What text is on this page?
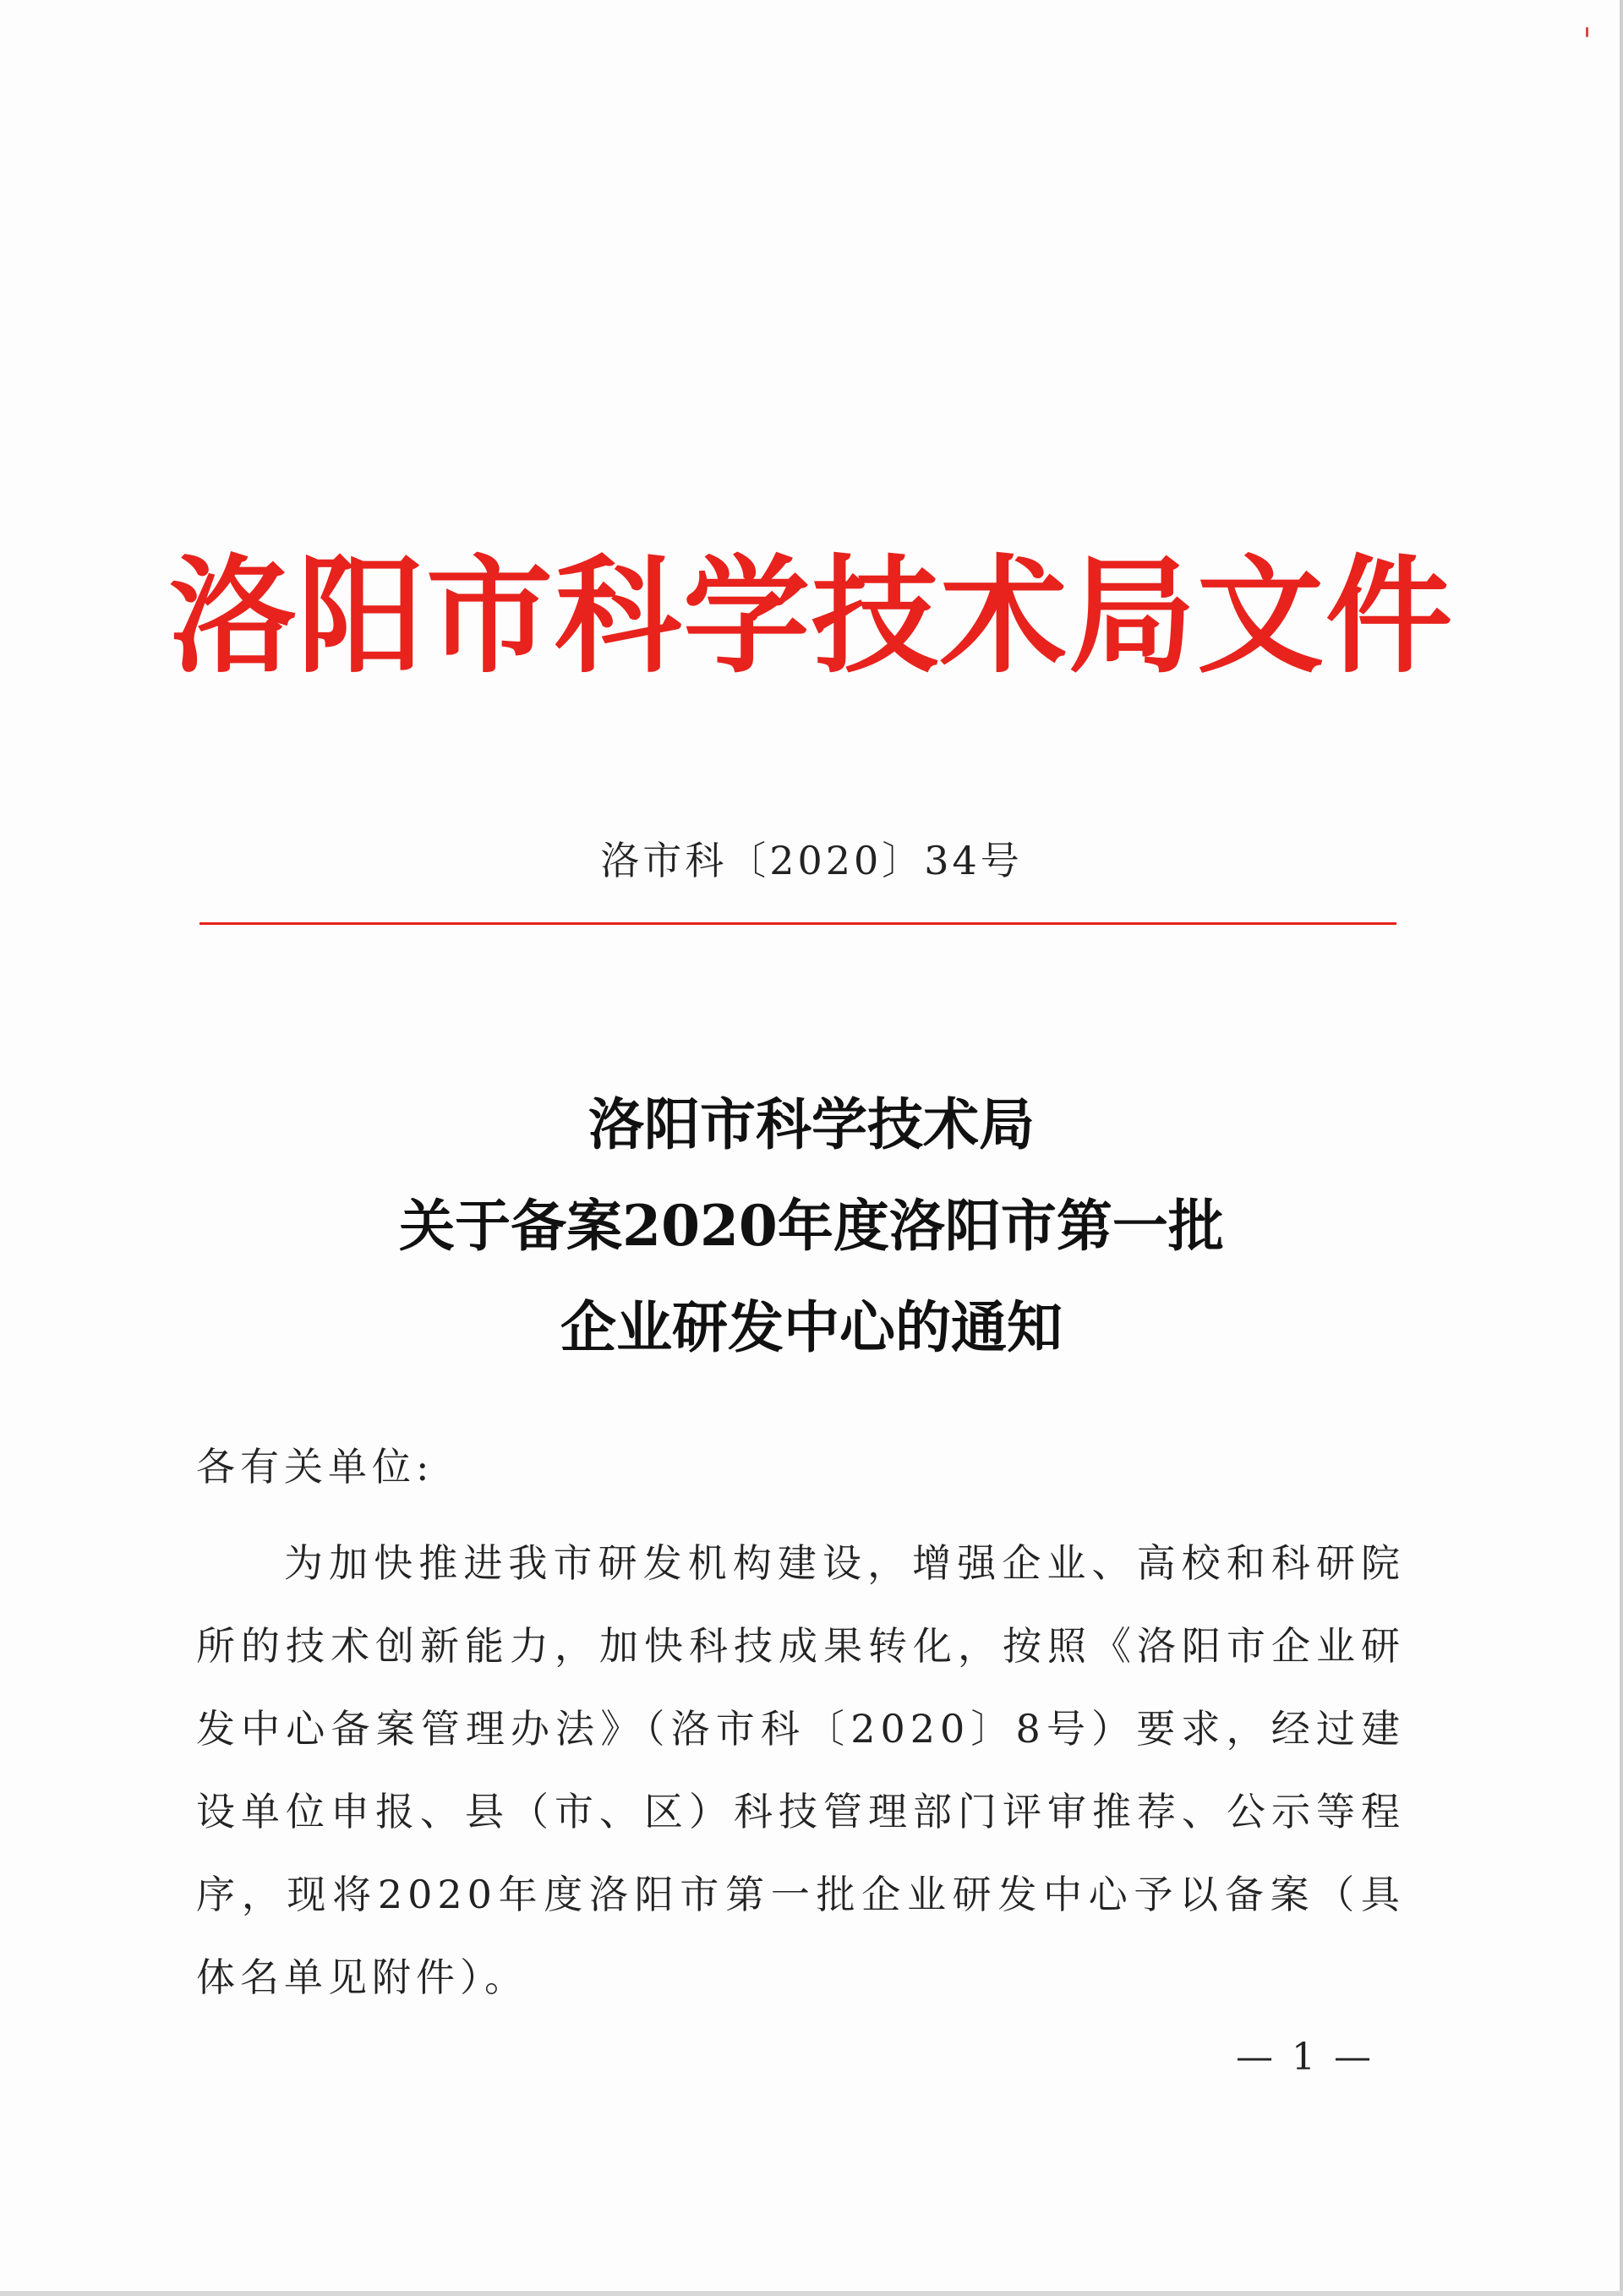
洛阳市科学技术局文件
洛市科〔2020〕34号
洛阳市科学技术局
关于备案2020年度洛阳市第一批
企业研发中心的通知
各有关单位:
为加快推进我市研发机构建设，增强企业、高校和科研院所的技术创新能力，加快科技成果转化，按照《洛阳市企业研发中心备案管理办法》（洛市科〔2020〕8号）要求，经过建设单位申报、县（市、区）科技管理部门评审推荐、公示等程序，现将2020年度洛阳市第一批企业研发中心予以备案（具体名单见附件）。
— 1 —
